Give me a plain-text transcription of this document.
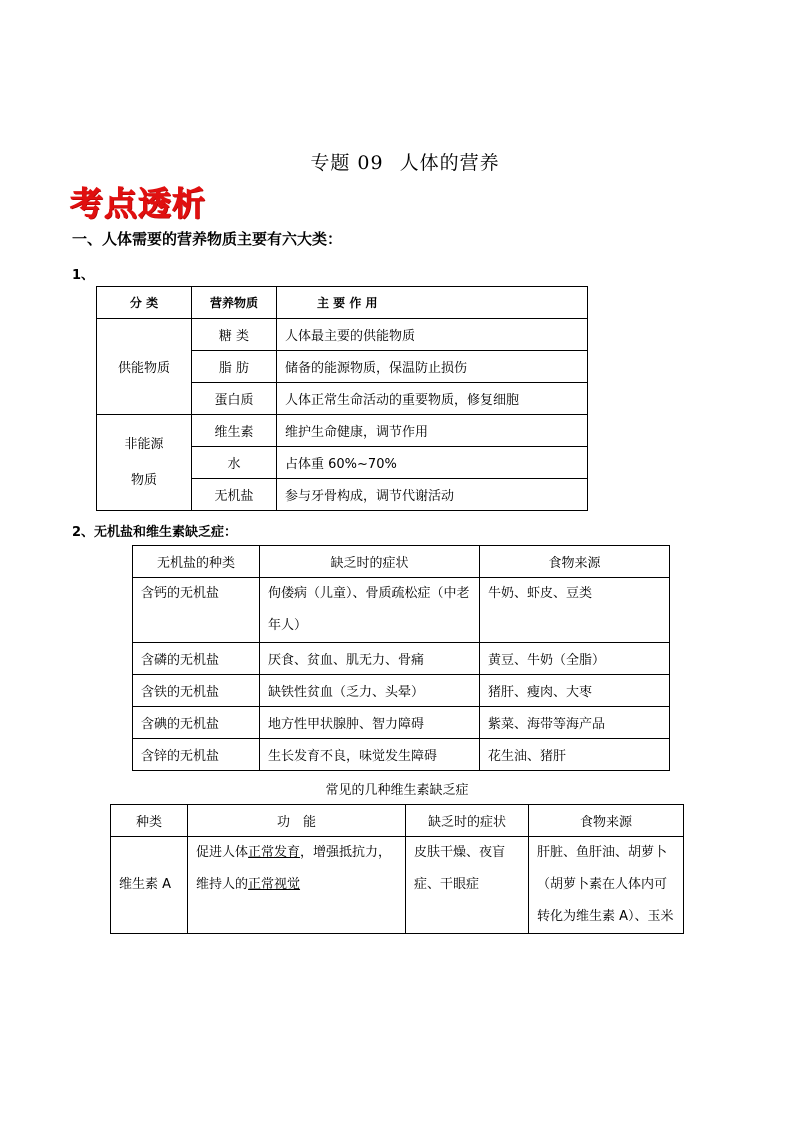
专题 09 人体的营养
考点透析
一、人体需要的营养物质主要有六大类：
1、
分 类	营养物质	主 要 作 用
供能物质	糖 类	人体最主要的供能物质
	脂 肪	储备的能源物质，保温防止损伤
	蛋白质	人体正常生命活动的重要物质，修复细胞
非能源
物质	维生素	维护生命健康，调节作用
	水	占体重 60%~70%
	无机盐	参与牙骨构成，调节代谢活动
2、无机盐和维生素缺乏症：
无机盐的种类	缺乏时的症状	食物来源
含钙的无机盐	佝偻病（儿童）、骨质疏松症（中老年人）	牛奶、虾皮、豆类
含磷的无机盐	厌食、贫血、肌无力、骨痛	黄豆、牛奶（全脂）
含铁的无机盐	缺铁性贫血（乏力、头晕）	猪肝、瘦肉、大枣
含碘的无机盐	地方性甲状腺肿、智力障碍	紫菜、海带等海产品
含锌的无机盐	生长发育不良，味觉发生障碍	花生油、猪肝
常见的几种维生素缺乏症
种类	功　能	缺乏时的症状	食物来源
维生素 A	促进人体正常发育，增强抵抗力，维持人的正常视觉	皮肤干燥、夜盲症、干眼症	肝脏、鱼肝油、胡萝卜（胡萝卜素在人体内可转化为维生素 A）、玉米
